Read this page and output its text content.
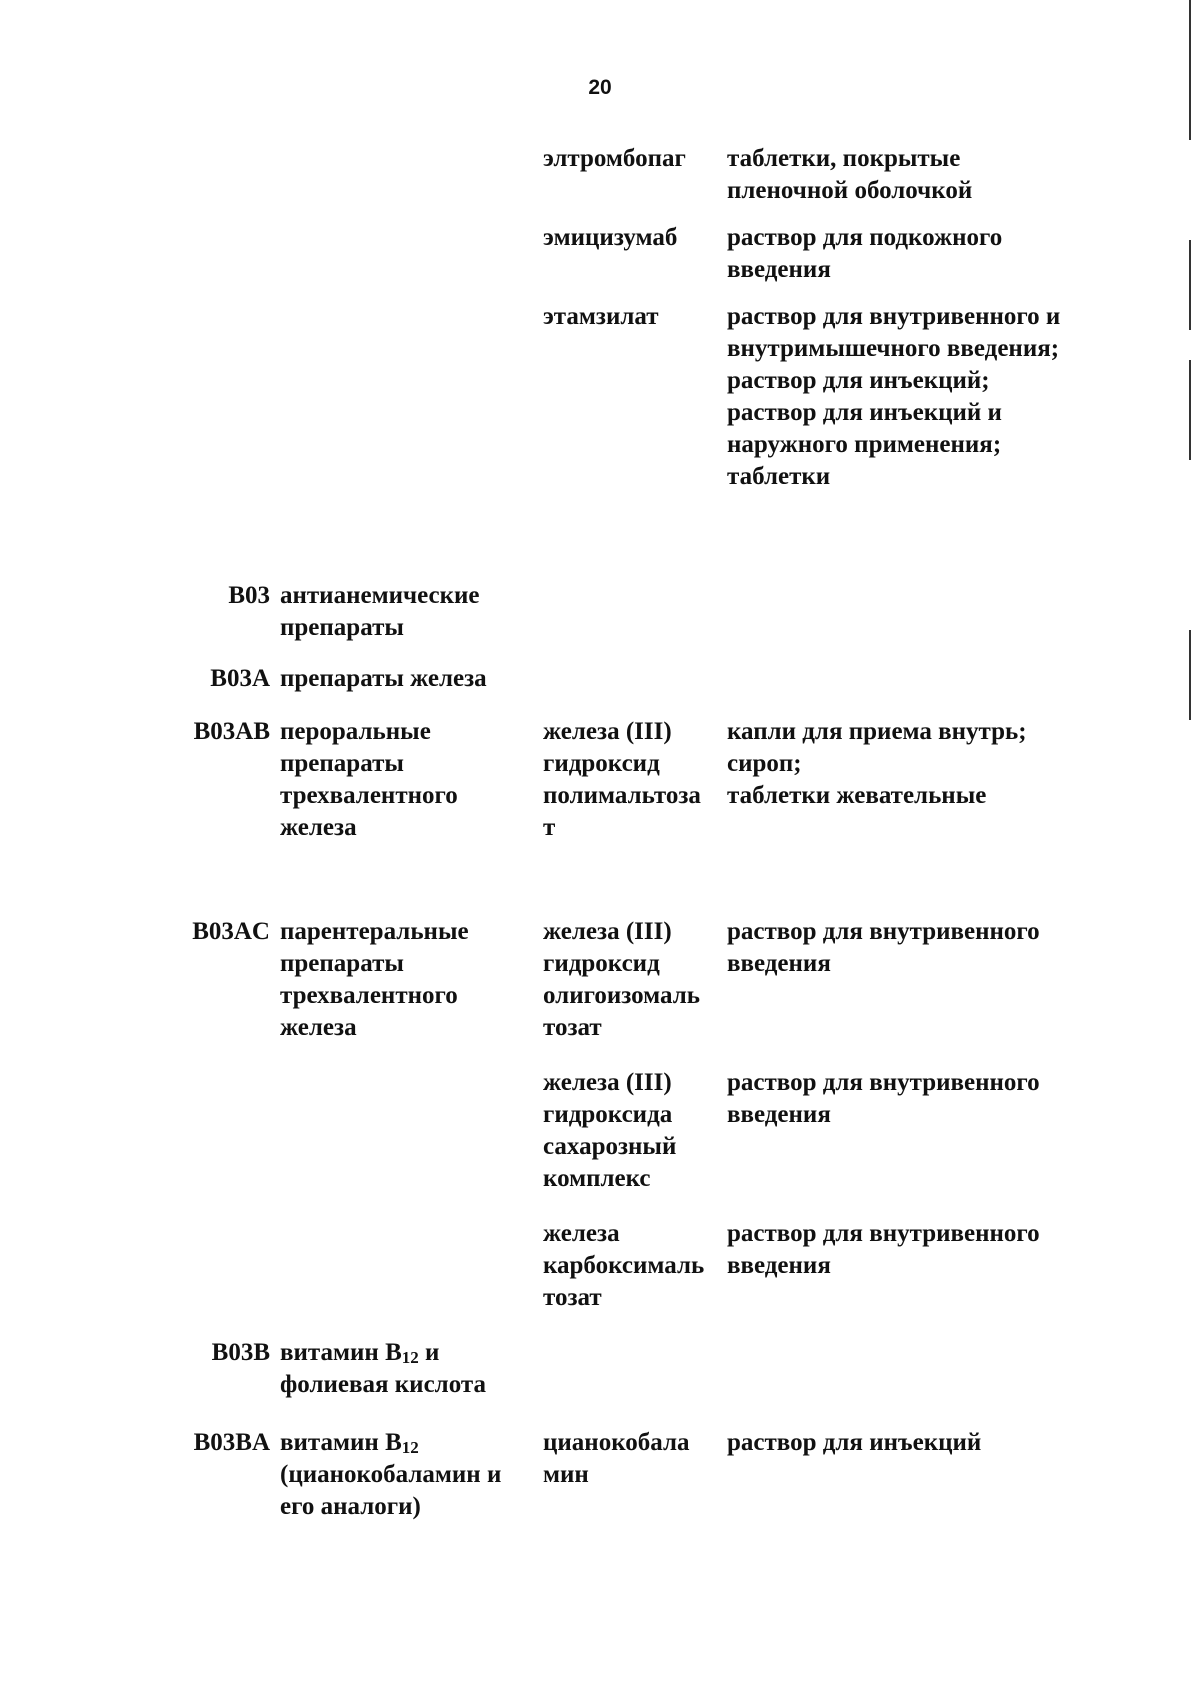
20
элтромбопаг таблетки, покрытые
пленочной оболочкой
эмицизумаб раствор для подкожного
введения
этамзилат	раствор для внутривенного и
внутримышечного введения;
раствор для инъекций;
раствор для инъекций и
наружного применения;
таблетки
B03 антианемические
препараты
B03A препараты железа
B03AB пероральные
препараты
трехвалентного
железа
железа (III)
гидроксид
полимальтоза
т
капли для приема внутрь;
сироп;
таблетки жевательные
B03AC парентеральные
препараты
трехвалентного
железа
железа (III)
гидроксид
олигоизомаль
тозат
раствор для внутривенного
введения
железа (III)
гидроксида
сахарозный
комплекс
раствор для внутривенного
введения
железа
карбоксималь
тозат
раствор для внутривенного
введения
B03B витамин $B_{12}$ и
фолиевая кислота
B03BA витамин $B_{12}$
(цианокобаламин и
его аналоги)
цианокобала
мин
раствор для инъекций
